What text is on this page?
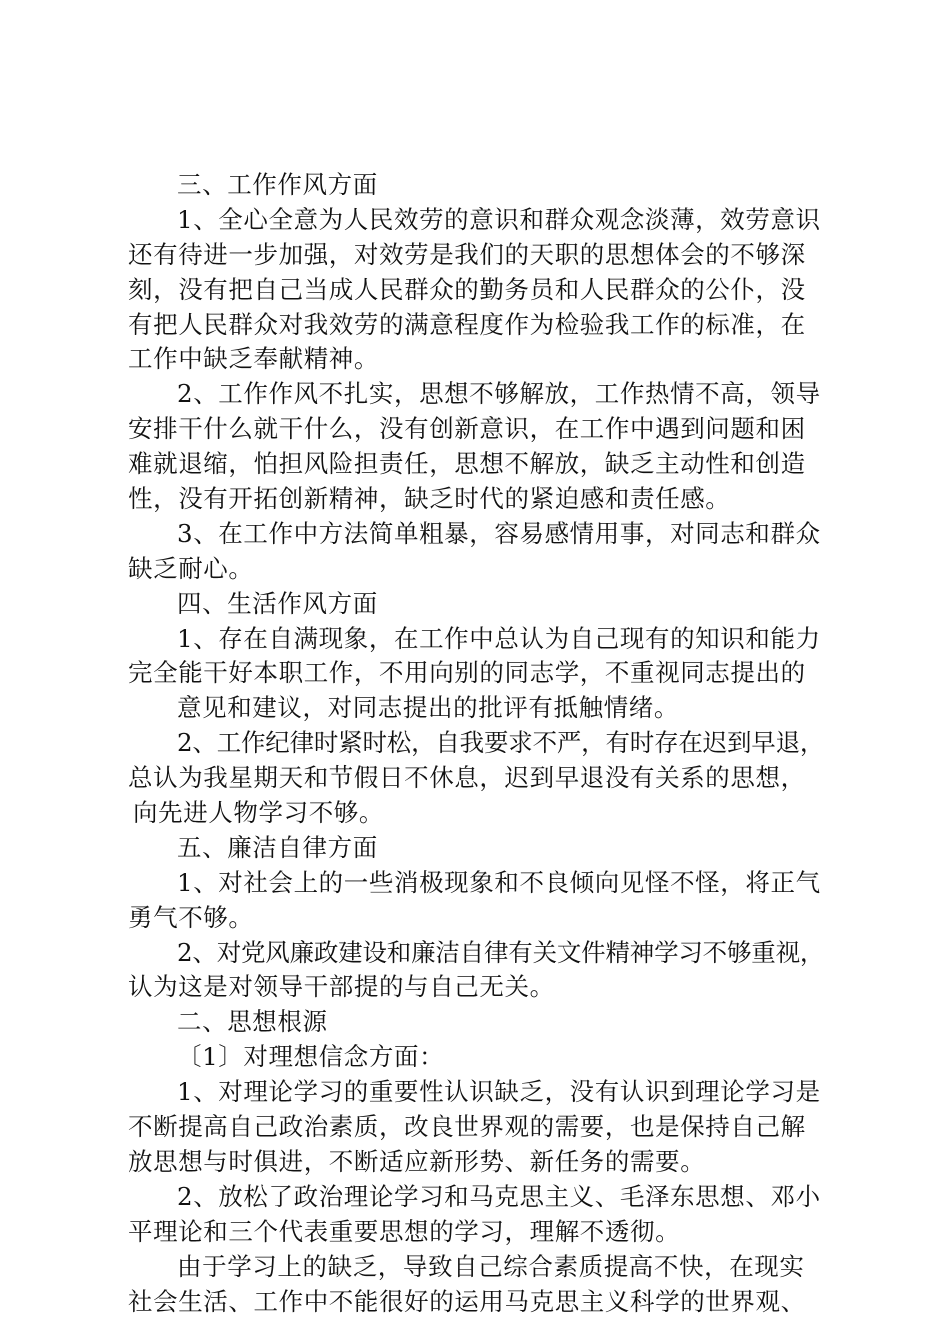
三、工作作风方面
1、全心全意为人民效劳的意识和群众观念淡薄，效劳意识
还有待进一步加强，对效劳是我们的天职的思想体会的不够深
刻，没有把自己当成人民群众的勤务员和人民群众的公仆，没
有把人民群众对我效劳的满意程度作为检验我工作的标准，在
工作中缺乏奉献精神。
2、工作作风不扎实，思想不够解放，工作热情不高，领导
安排干什么就干什么，没有创新意识，在工作中遇到问题和困
难就退缩，怕担风险担责任，思想不解放，缺乏主动性和创造
性，没有开拓创新精神，缺乏时代的紧迫感和责任感。
3、在工作中方法简单粗暴，容易感情用事，对同志和群众
缺乏耐心。
四、生活作风方面
1、存在自满现象，在工作中总认为自己现有的知识和能力
完全能干好本职工作，不用向别的同志学，不重视同志提出的
意见和建议，对同志提出的批评有抵触情绪。
2、工作纪律时紧时松，自我要求不严，有时存在迟到早退，
总认为我星期天和节假日不休息，迟到早退没有关系的思想，
向先进人物学习不够。
五、廉洁自律方面
1、对社会上的一些消极现象和不良倾向见怪不怪，将正气
勇气不够。
2、对党风廉政建设和廉洁自律有关文件精神学习不够重视，
认为这是对领导干部提的与自己无关。
二、思想根源
〔1〕对理想信念方面：
1、对理论学习的重要性认识缺乏，没有认识到理论学习是
不断提高自己政治素质，改良世界观的需要，也是保持自己解
放思想与时俱进，不断适应新形势、新任务的需要。
2、放松了政治理论学习和马克思主义、毛泽东思想、邓小
平理论和三个代表重要思想的学习，理解不透彻。
由于学习上的缺乏，导致自己综合素质提高不快，在现实
社会生活、工作中不能很好的运用马克思主义科学的世界观、
